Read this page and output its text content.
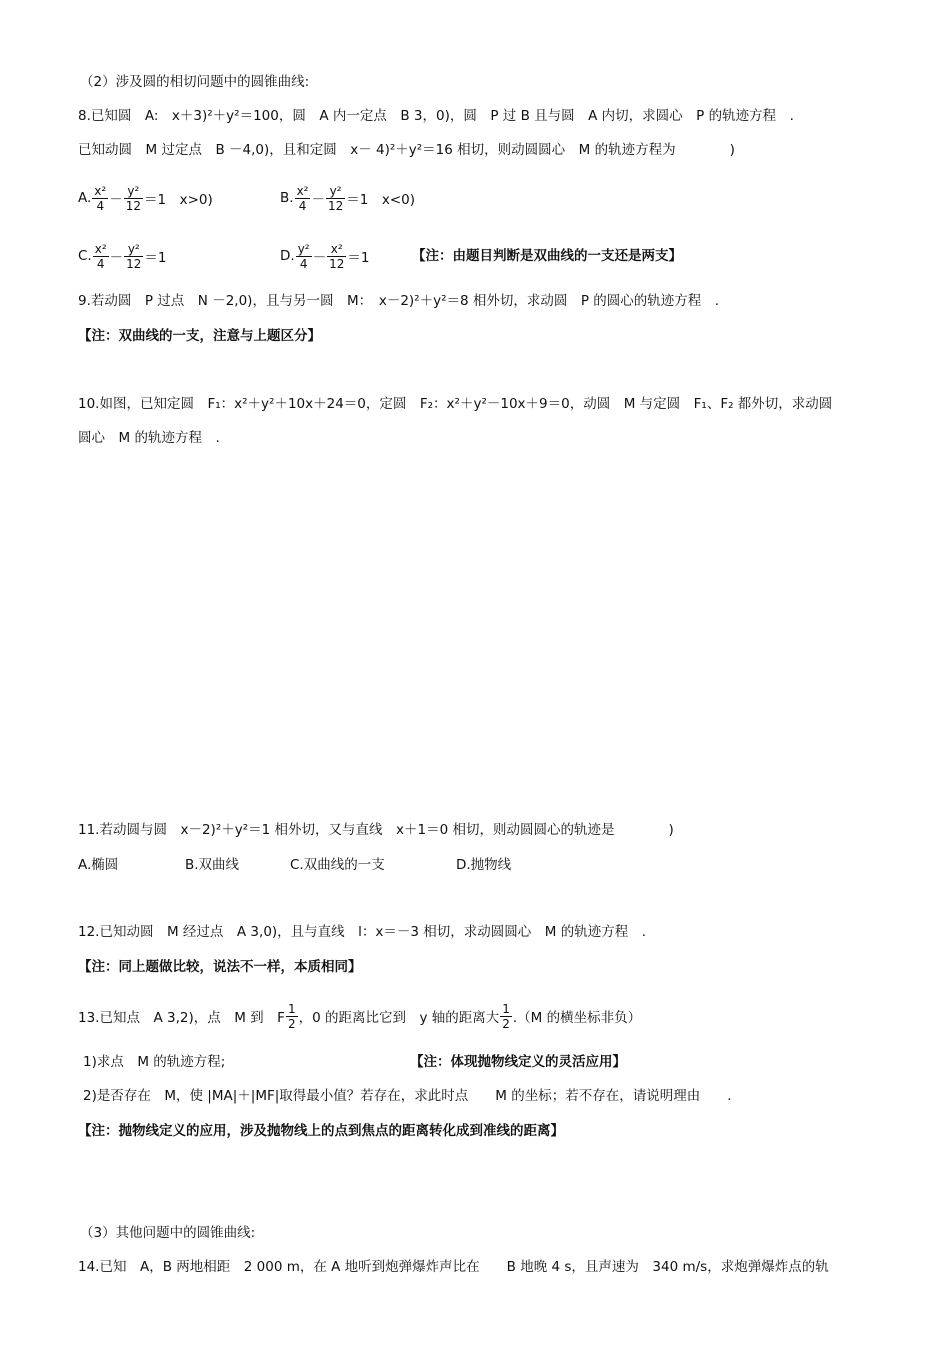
（2）涉及圆的相切问题中的圆锥曲线:
8.已知圆　A:　x＋3)²＋y²＝100，圆　A 内一定点　B 3，0)，圆　P 过 B 且与圆　A 内切，求圆心　P 的轨迹方程　.
已知动圆　M 过定点　B －4,0)，且和定圆　x－ 4)²＋y²＝16 相切，则动圆圆心　M 的轨迹方程为　　　　)
A. $\frac{\text{x²}}{4} - \frac{\text{y²}}{12} =1$　x>0)	B. $\frac{\text{x²}}{4} - \frac{\text{y²}}{12} =1$　x<0)
C. $\frac{\text{x²}}{4} - \frac{\text{y²}}{12} =1$	D. $\frac{\text{y²}}{4} - \frac{\text{x²}}{12} =1$	【注：由题目判断是双曲线的一支还是两支】
9.若动圆　P 过点　N －2,0)，且与另一圆　M：　x－2)²＋y²＝8 相外切，求动圆　P 的圆心的轨迹方程　.
【注：双曲线的一支，注意与上题区分】
10.如图，已知定圆　F₁：x²＋y²＋10x＋24＝0，定圆　F₂：x²＋y²－10x＋9＝0，动圆　M 与定圆　F₁、F₂ 都外切，求动圆
圆心　M 的轨迹方程　.
11.若动圆与圆　x－2)²＋y²＝1 相外切，又与直线　x＋1＝0 相切，则动圆圆心的轨迹是　　　　)
A.椭圆	B.双曲线	C.双曲线的一支	D.抛物线
12.已知动圆　M 经过点　A 3,0)，且与直线　l：x＝－3 相切，求动圆圆心　M 的轨迹方程　.
【注：同上题做比较，说法不一样，本质相同】
13.已知点　A 3,2)，点　M 到　F $\frac{1}{2}$ ，0 的距离比它到　y 轴的距离大 $\frac{1}{2} .(M$ 的横坐标非负）
1)求点　M 的轨迹方程;	【注：体现抛物线定义的灵活应用】
2)是否存在　M，使 |MA|＋|MF|取得最小值？若存在，求此时点　　M 的坐标；若不存在，请说明理由　　.
【注：抛物线定义的应用，涉及抛物线上的点到焦点的距离转化成到准线的距离】
（3）其他问题中的圆锥曲线:
14.已知　A，B 两地相距　2 000 m，在 A 地听到炮弹爆炸声比在　　B 地晚 4 s，且声速为　340 m/s，求炮弹爆炸点的轨
